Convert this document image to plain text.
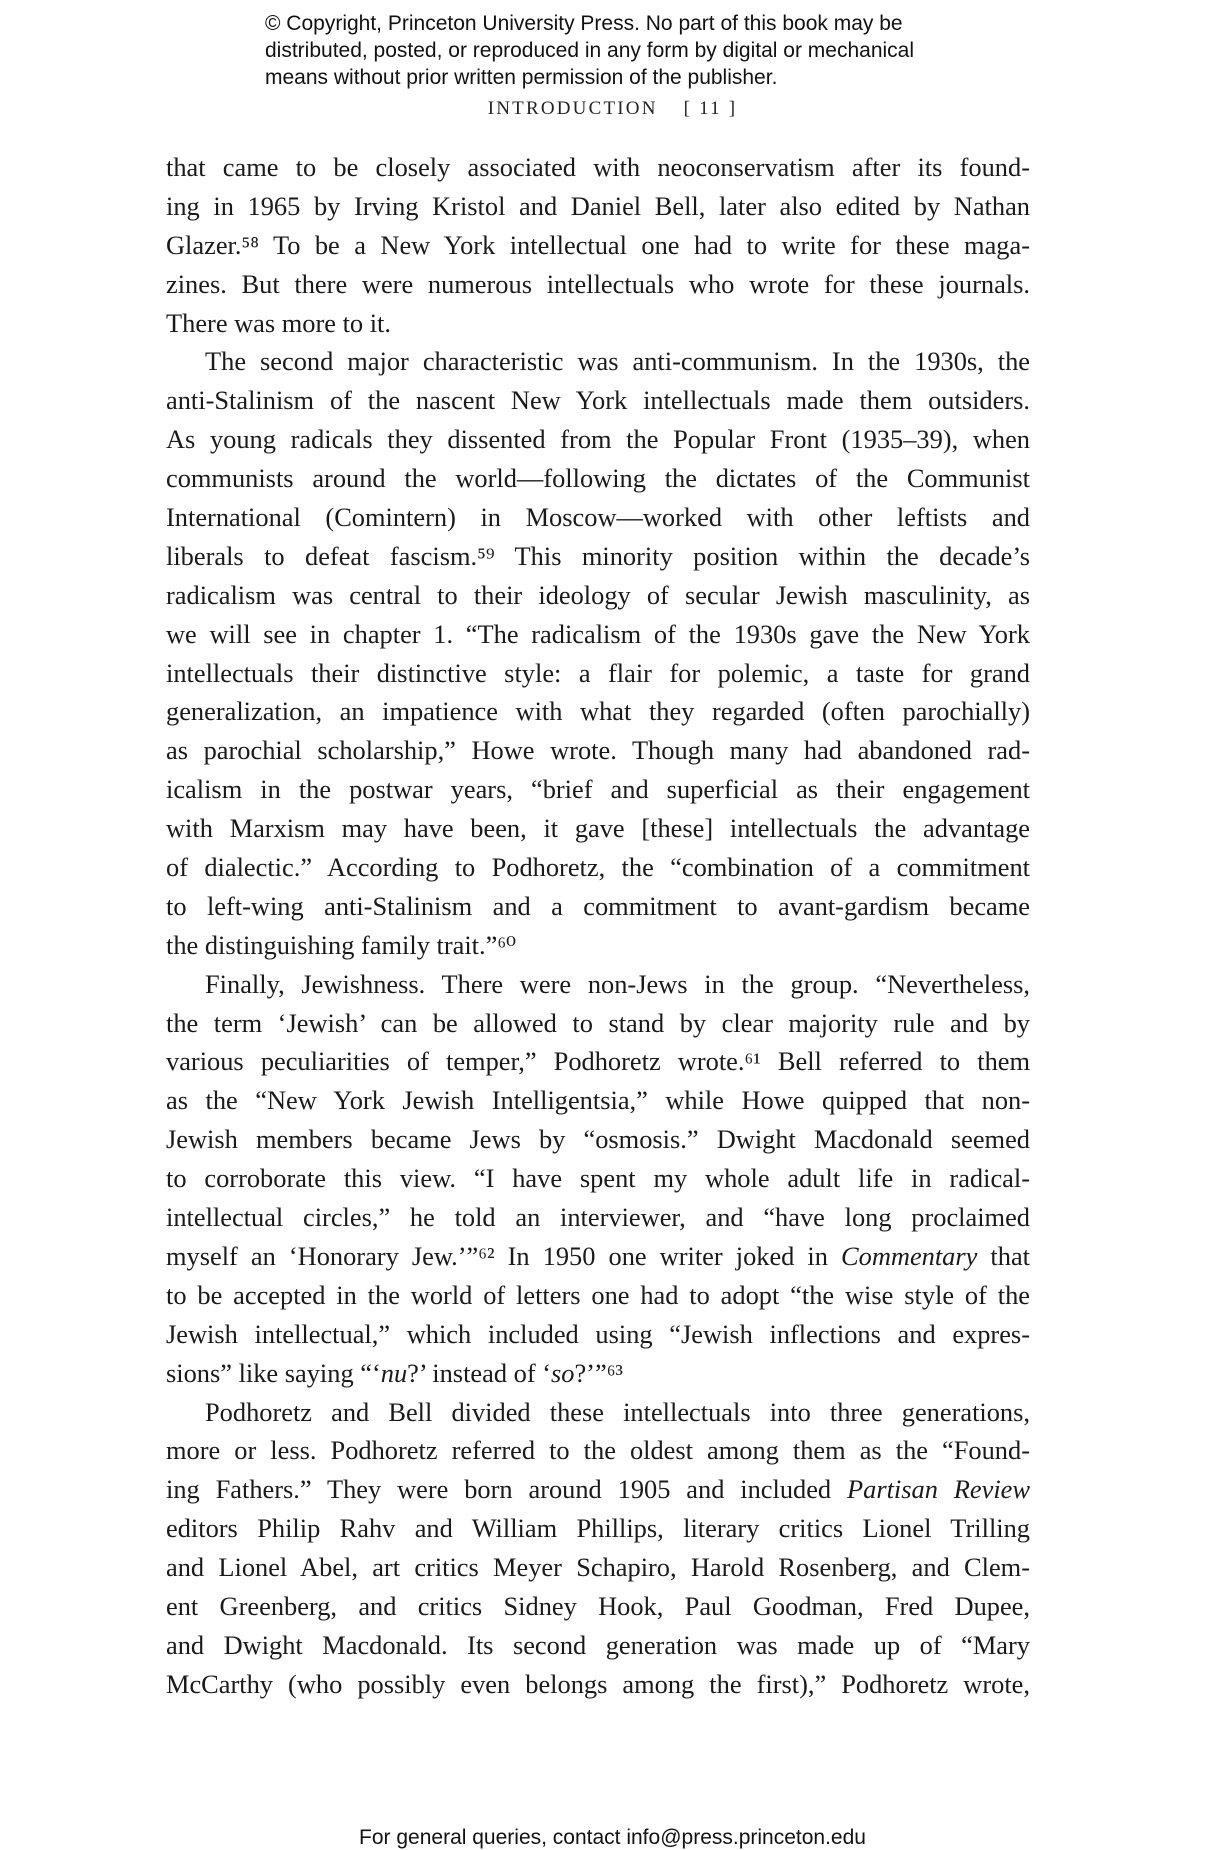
© Copyright, Princeton University Press. No part of this book may be
distributed, posted, or reproduced in any form by digital or mechanical
means without prior written permission of the publisher.
INTRODUCTION [ 11 ]
that came to be closely associated with neoconservatism after its found-
ing in 1965 by Irving Kristol and Daniel Bell, later also edited by Nathan
Glazer.⁵⁸ To be a New York intellectual one had to write for these maga-
zines. But there were numerous intellectuals who wrote for these journals.
There was more to it.
The second major characteristic was anti-communism. In the 1930s, the
anti-Stalinism of the nascent New York intellectuals made them outsiders.
As young radicals they dissented from the Popular Front (1935–39), when
communists around the world—following the dictates of the Communist
International (Comintern) in Moscow—worked with other leftists and
liberals to defeat fascism.⁵⁹ This minority position within the decade’s
radicalism was central to their ideology of secular Jewish masculinity, as
we will see in chapter 1. “The radicalism of the 1930s gave the New York
intellectuals their distinctive style: a flair for polemic, a taste for grand
generalization, an impatience with what they regarded (often parochially)
as parochial scholarship,” Howe wrote. Though many had abandoned rad-
icalism in the postwar years, “brief and superficial as their engagement
with Marxism may have been, it gave [these] intellectuals the advantage
of dialectic.” According to Podhoretz, the “combination of a commitment
to left-wing anti-Stalinism and a commitment to avant-gardism became
the distinguishing family trait.”⁶⁰
Finally, Jewishness. There were non-Jews in the group. “Nevertheless,
the term ‘Jewish’ can be allowed to stand by clear majority rule and by
various peculiarities of temper,” Podhoretz wrote.⁶¹ Bell referred to them
as the “New York Jewish Intelligentsia,” while Howe quipped that non-
Jewish members became Jews by “osmosis.” Dwight Macdonald seemed
to corroborate this view. “I have spent my whole adult life in radical-
intellectual circles,” he told an interviewer, and “have long proclaimed
myself an ‘Honorary Jew.’”⁶² In 1950 one writer joked in Commentary that
to be accepted in the world of letters one had to adopt “the wise style of the
Jewish intellectual,” which included using “Jewish inflections and expres-
sions” like saying “‘nu?’ instead of ‘so?’”⁶³
Podhoretz and Bell divided these intellectuals into three generations,
more or less. Podhoretz referred to the oldest among them as the “Found-
ing Fathers.” They were born around 1905 and included Partisan Review
editors Philip Rahv and William Phillips, literary critics Lionel Trilling
and Lionel Abel, art critics Meyer Schapiro, Harold Rosenberg, and Clem-
ent Greenberg, and critics Sidney Hook, Paul Goodman, Fred Dupee,
and Dwight Macdonald. Its second generation was made up of “Mary
McCarthy (who possibly even belongs among the first),” Podhoretz wrote,
For general queries, contact info@press.princeton.edu
